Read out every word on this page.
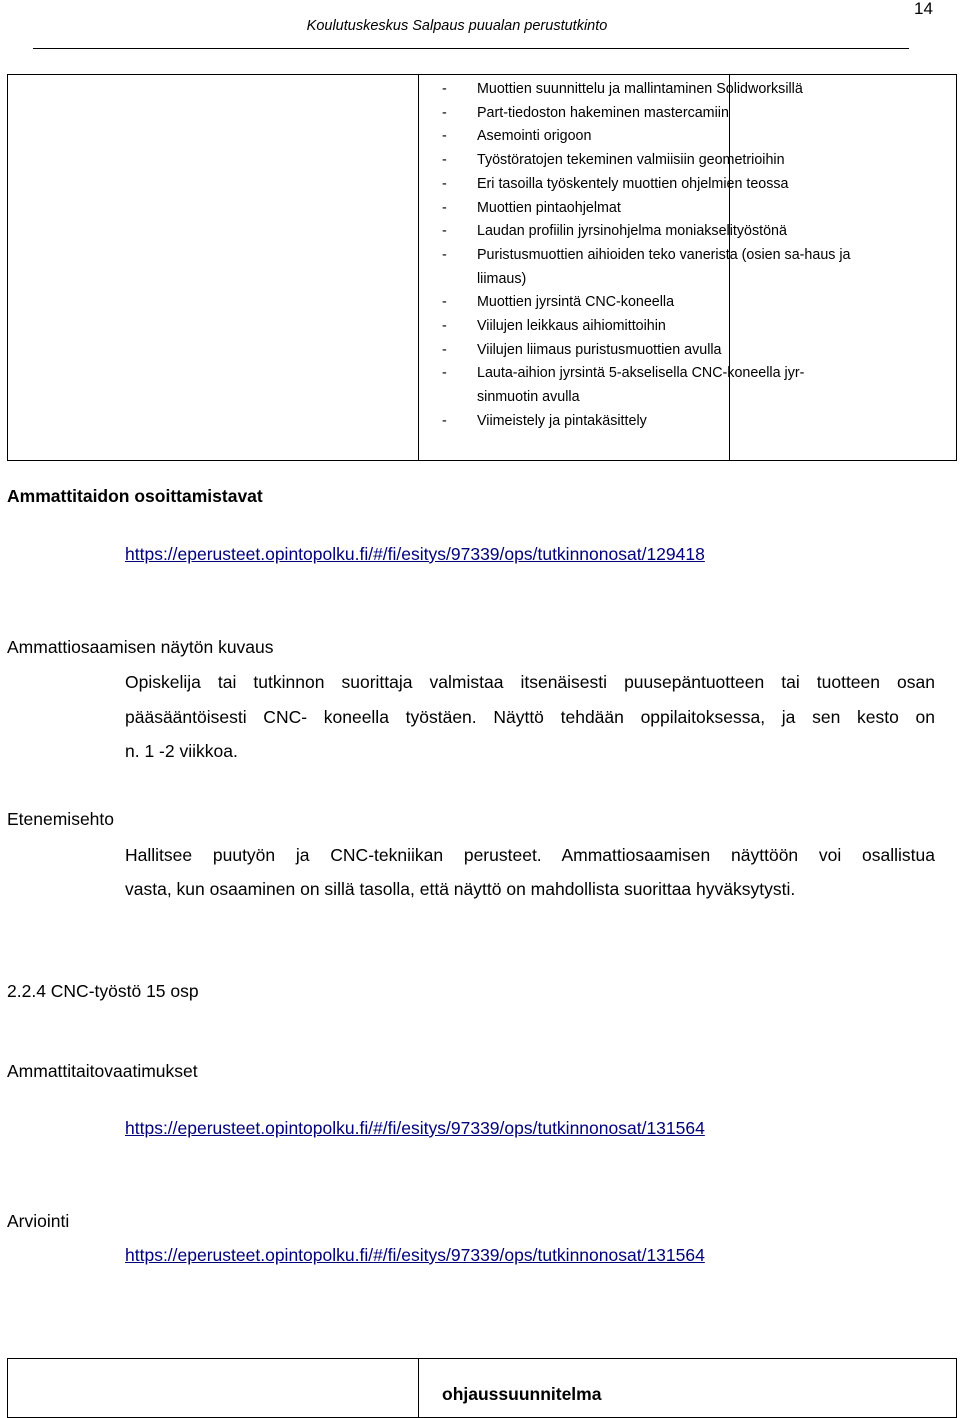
14
Koulutuskeskus Salpaus puualan perustutkinto
- Muottien suunnittelu ja mallintaminen Solidworksillä
- Part-tiedoston hakeminen mastercamiin
- Asemointi origoon
- Työstöratojen tekeminen valmiisiin geometrioihin
- Eri tasoilla työskentely muottien ohjelmien teossa
- Muottien pintaohjelmat
- Laudan profiilin jyrsinohjelma moniakselityöstönä
- Puristusmuottien aihioiden teko vanerista (osien sa-haus ja liimaus)
- Muottien jyrsintä CNC-koneella
- Viilujen leikkaus aihiomittoihin
- Viilujen liimaus puristusmuottien avulla
- Lauta-aihion jyrsintä 5-akselisella CNC-koneella jyr-sinmuotin avulla
- Viimeistely ja pintakäsittely
Ammattitaidon osoittamistavat
https://eperusteet.opintopolku.fi/#/fi/esitys/97339/ops/tutkinnonosat/129418
Ammattiosaamisen näytön kuvaus
Opiskelija tai tutkinnon suorittaja valmistaa itsenäisesti puusepäntuotteen tai tuotteen osan
pääsääntöisesti CNC- koneella työstäen. Näyttö tehdään oppilaitoksessa, ja sen kesto on
n. 1 -2 viikkoa.
Etenemisehto
Hallitsee puutyön ja CNC-tekniikan perusteet. Ammattiosaamisen näyttöön voi osallistua
vasta, kun osaaminen on sillä tasolla, että näyttö on mahdollista suorittaa hyväksytysti.
2.2.4 CNC-työstö 15 osp
Ammattitaitovaatimukset
https://eperusteet.opintopolku.fi/#/fi/esitys/97339/ops/tutkinnonosat/131564
Arviointi
https://eperusteet.opintopolku.fi/#/fi/esitys/97339/ops/tutkinnonosat/131564
ohjaussuunnitelma
